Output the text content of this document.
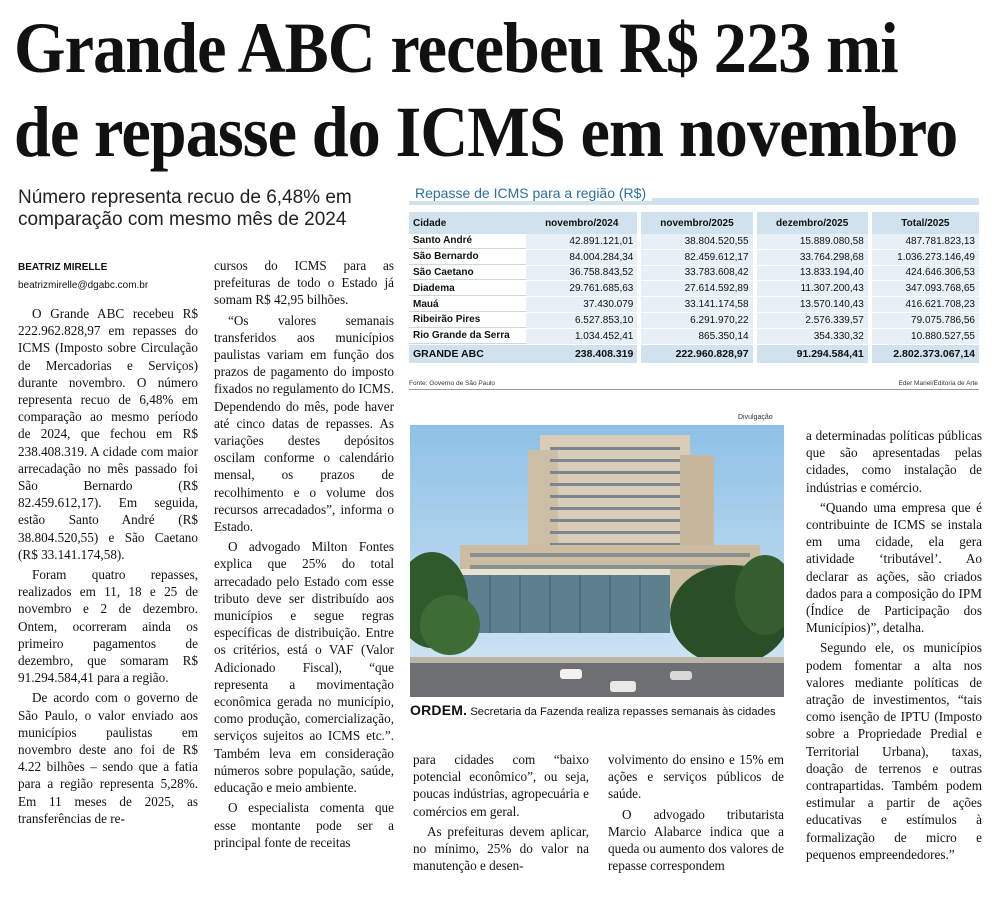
Grande ABC recebeu R$ 223 mi
de repasse do ICMS em novembro
Número representa recuo de 6,48% em comparação com mesmo mês de 2024
BEATRIZ MIRELLE
beatrizmirelle@dgabc.com.br

O Grande ABC recebeu R$ 222.962.828,97 em repasses do ICMS (Imposto sobre Circulação de Mercadorias e Serviços) durante novembro. O número representa recuo de 6,48% em comparação ao mesmo período de 2024, que fechou em R$ 238.408.319. A cidade com maior arrecadação no mês passado foi São Bernardo (R$ 82.459.612,17). Em seguida, estão Santo André (R$ 38.804.520,55) e São Caetano (R$ 33.141.174,58).

Foram quatro repasses, realizados em 11, 18 e 25 de novembro e 2 de dezembro. Ontem, ocorreram ainda os primeiro pagamentos de dezembro, que somaram R$ 91.294.584,41 para a região.

De acordo com o governo de São Paulo, o valor enviado aos municípios paulistas em novembro deste ano foi de R$ 4.22 bilhões – sendo que a fatia para a região representa 5,28%. Em 11 meses de 2025, as transferências de re-

cursos do ICMS para as prefeituras de todo o Estado já somam R$ 42,95 bilhões.

“Os valores semanais transferidos aos municípios paulistas variam em função dos prazos de pagamento do imposto fixados no regulamento do ICMS. Dependendo do mês, pode haver até cinco datas de repasses. As variações destes depósitos oscilam conforme o calendário mensal, os prazos de recolhimento e o volume dos recursos arrecadados”, informa o Estado.

O advogado Milton Fontes explica que 25% do total arrecadado pelo Estado com esse tributo deve ser distribuído aos municípios e segue regras específicas de distribuição. Entre os critérios, está o VAF (Valor Adicionado Fiscal), “que representa a movimentação econômica gerada no município, como produção, comercialização, serviços sujeitos ao ICMS etc.”. Também leva em consideração números sobre população, saúde, educação e meio ambiente.

O especialista comenta que esse montante pode ser a principal fonte de receitas

Repasse de ICMS para a região (R$)
Cidade	novembro/2024	novembro/2025	dezembro/2025	Total/2025
Santo André	42.891.121,01	38.804.520,55	15.889.080,58	487.781.823,13
São Bernardo	84.004.284,34	82.459.612,17	33.764.298,68	1.036.273.146,49
São Caetano	36.758.843,52	33.783.608,42	13.833.194,40	424.646.306,53
Diadema	29.761.685,63	27.614.592,89	11.307.200,43	347.093.768,65
Mauá	37.430.079	33.141.174,58	13.570.140,43	416.621.708,23
Ribeirão Pires	6.527.853,10	6.291.970,22	2.576.339,57	79.075.786,56
Rio Grande da Serra	1.034.452,41	865.350,14	354.330,32	10.880.527,55
GRANDE ABC	238.408.319	222.960.828,97	91.294.584,41	2.802.373.067,14
Fonte: Governo de São Paulo	Eder Mariel/Editoria de Arte
Divulgação
ORDEM. Secretaria da Fazenda realiza repasses semanais às cidades

para cidades com “baixo potencial econômico”, ou seja, poucas indústrias, agropecuária e comércios em geral.

As prefeituras devem aplicar, no mínimo, 25% do valor na manutenção e desen-

volvimento do ensino e 15% em ações e serviços públicos de saúde.

O advogado tributarista Marcio Alabarce indica que a queda ou aumento dos valores de repasse correspondem

a determinadas políticas públicas que são apresentadas pelas cidades, como instalação de indústrias e comércio.

“Quando uma empresa que é contribuinte de ICMS se instala em uma cidade, ela gera atividade ‘tributável’. Ao declarar as ações, são criados dados para a composição do IPM (Índice de Participação dos Municípios)”, detalha.

Segundo ele, os municípios podem fomentar a alta nos valores mediante políticas de atração de investimentos, “tais como isenção de IPTU (Imposto sobre a Propriedade Predial e Territorial Urbana), taxas, doação de terrenos e outras contrapartidas. Também podem estimular a partir de ações educativas e estímulos à formalização de micro e pequenos empreendedores.”
